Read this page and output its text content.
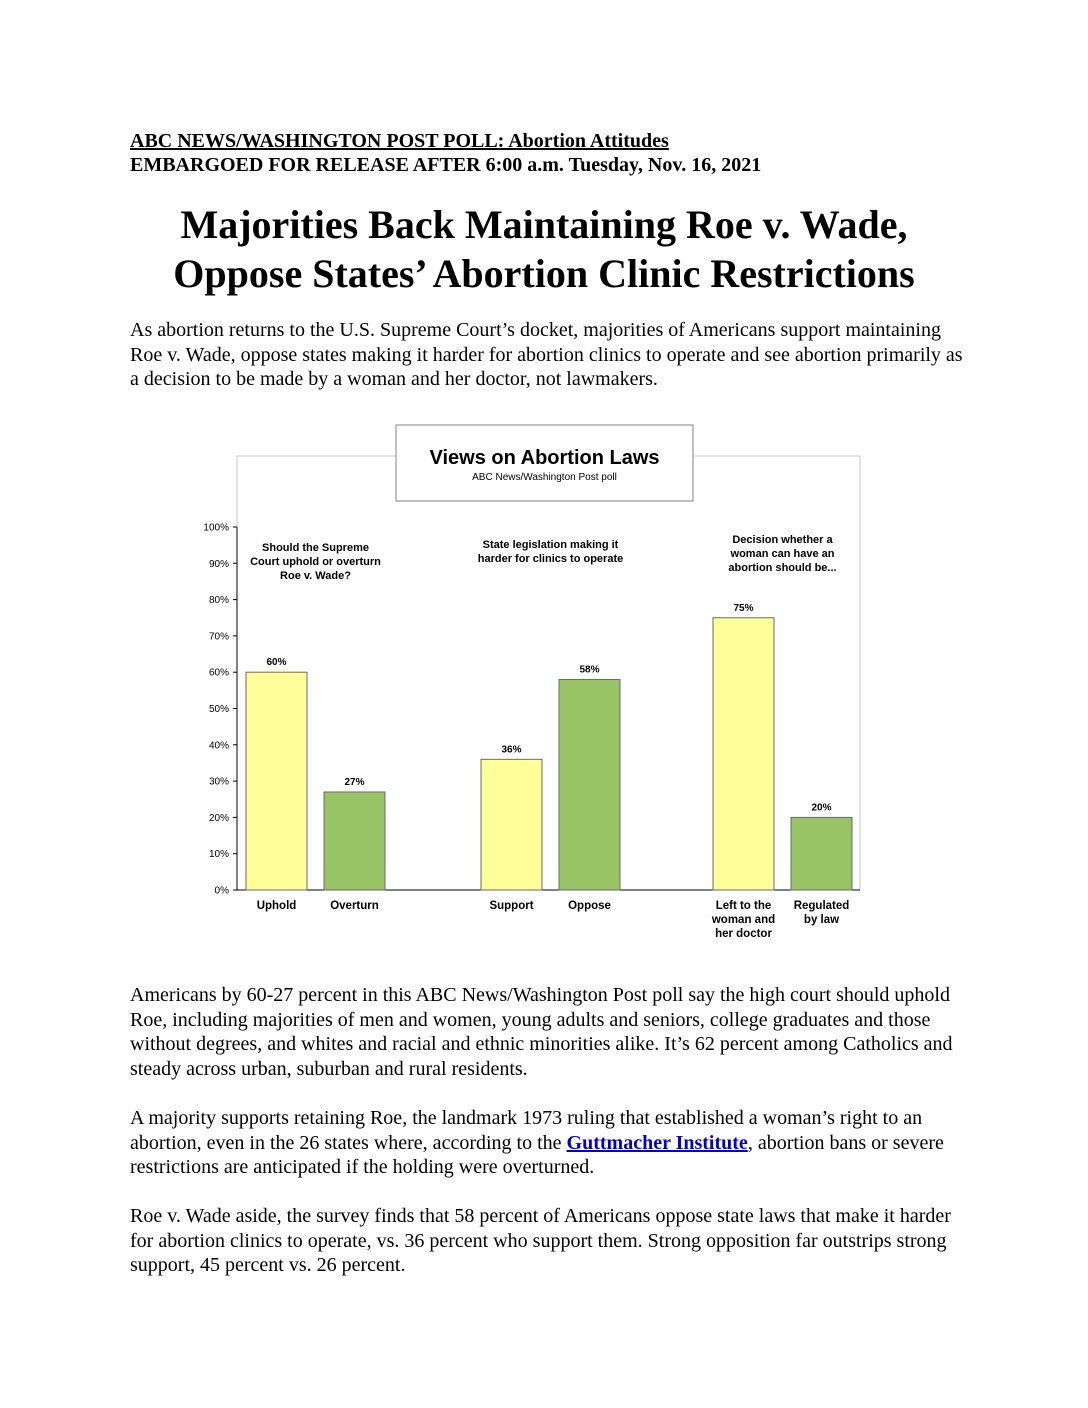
ABC NEWS/WASHINGTON POST POLL: Abortion Attitudes
EMBARGOED FOR RELEASE AFTER 6:00 a.m. Tuesday, Nov. 16, 2021
Majorities Back Maintaining Roe v. Wade,
Oppose States’ Abortion Clinic Restrictions
As abortion returns to the U.S. Supreme Court’s docket, majorities of Americans support maintaining Roe v. Wade, oppose states making it harder for abortion clinics to operate and see abortion primarily as a decision to be made by a woman and her doctor, not lawmakers.
0%
10%
20%
30%
40%
50%
60%
70%
80%
90%
100%
Views on Abortion Laws
ABC News/Washington Post poll
Should the Supreme
Court uphold or overturn
Roe v. Wade?
60%
Uphold
27%
Overturn
State legislation making it
harder for clinics to operate
36%
Support
58%
Oppose
Decision whether a
woman can have an
abortion should be...
75%
Left to the
woman and
her doctor
20%
Regulated
by law
Americans by 60-27 percent in this ABC News/Washington Post poll say the high court should uphold Roe, including majorities of men and women, young adults and seniors, college graduates and those without degrees, and whites and racial and ethnic minorities alike. It’s 62 percent among Catholics and steady across urban, suburban and rural residents.
A majority supports retaining Roe, the landmark 1973 ruling that established a woman’s right to an abortion, even in the 26 states where, according to the Guttmacher Institute, abortion bans or severe restrictions are anticipated if the holding were overturned.
Roe v. Wade aside, the survey finds that 58 percent of Americans oppose state laws that make it harder for abortion clinics to operate, vs. 36 percent who support them. Strong opposition far outstrips strong support, 45 percent vs. 26 percent.
